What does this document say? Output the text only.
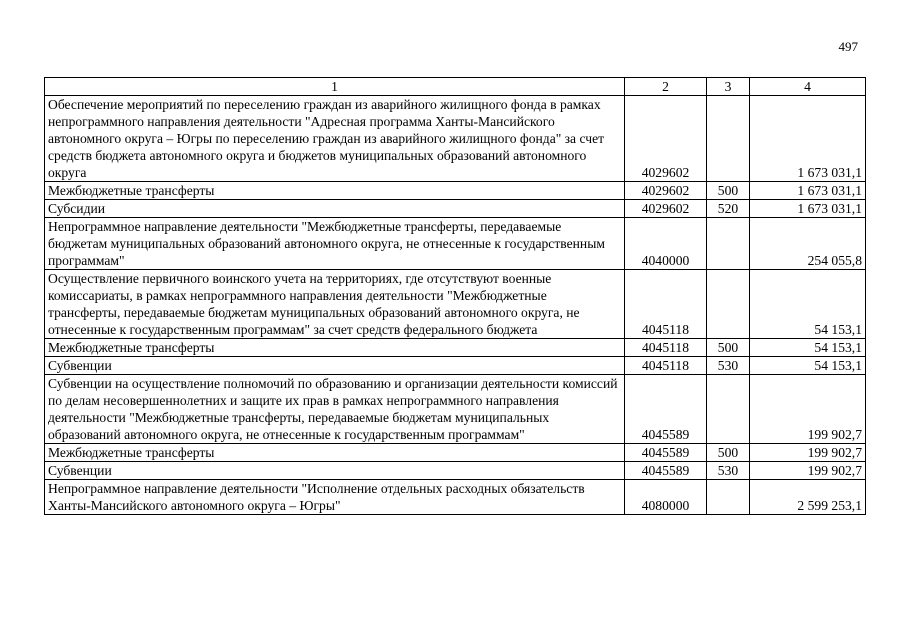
497
1	2	3	4
Обеспечение мероприятий по переселению граждан из аварийного жилищного фонда в рамках непрограммного направления деятельности "Адресная программа Ханты-Мансийского автономного округа – Югры по переселению граждан из аварийного жилищного фонда" за счет средств бюджета автономного округа и бюджетов муниципальных образований автономного округа	4029602		1 673 031,1
Межбюджетные трансферты	4029602	500	1 673 031,1
Субсидии	4029602	520	1 673 031,1
Непрограммное направление деятельности "Межбюджетные трансферты, передаваемые бюджетам муниципальных образований автономного округа, не отнесенные к государственным программам"	4040000		254 055,8
Осуществление первичного воинского учета на территориях, где отсутствуют военные комиссариаты, в рамках непрограммного направления деятельности "Межбюджетные трансферты, передаваемые бюджетам муниципальных образований автономного округа, не отнесенные к государственным программам" за счет средств федерального бюджета	4045118		54 153,1
Межбюджетные трансферты	4045118	500	54 153,1
Субвенции	4045118	530	54 153,1
Субвенции на осуществление полномочий по образованию и организации деятельности комиссий по делам несовершеннолетних и защите их прав в рамках непрограммного направления деятельности "Межбюджетные трансферты, передаваемые бюджетам муниципальных образований автономного округа, не отнесенные к государственным программам"	4045589		199 902,7
Межбюджетные трансферты	4045589	500	199 902,7
Субвенции	4045589	530	199 902,7
Непрограммное направление деятельности "Исполнение отдельных расходных обязательств Ханты-Мансийского автономного округа – Югры"	4080000		2 599 253,1
